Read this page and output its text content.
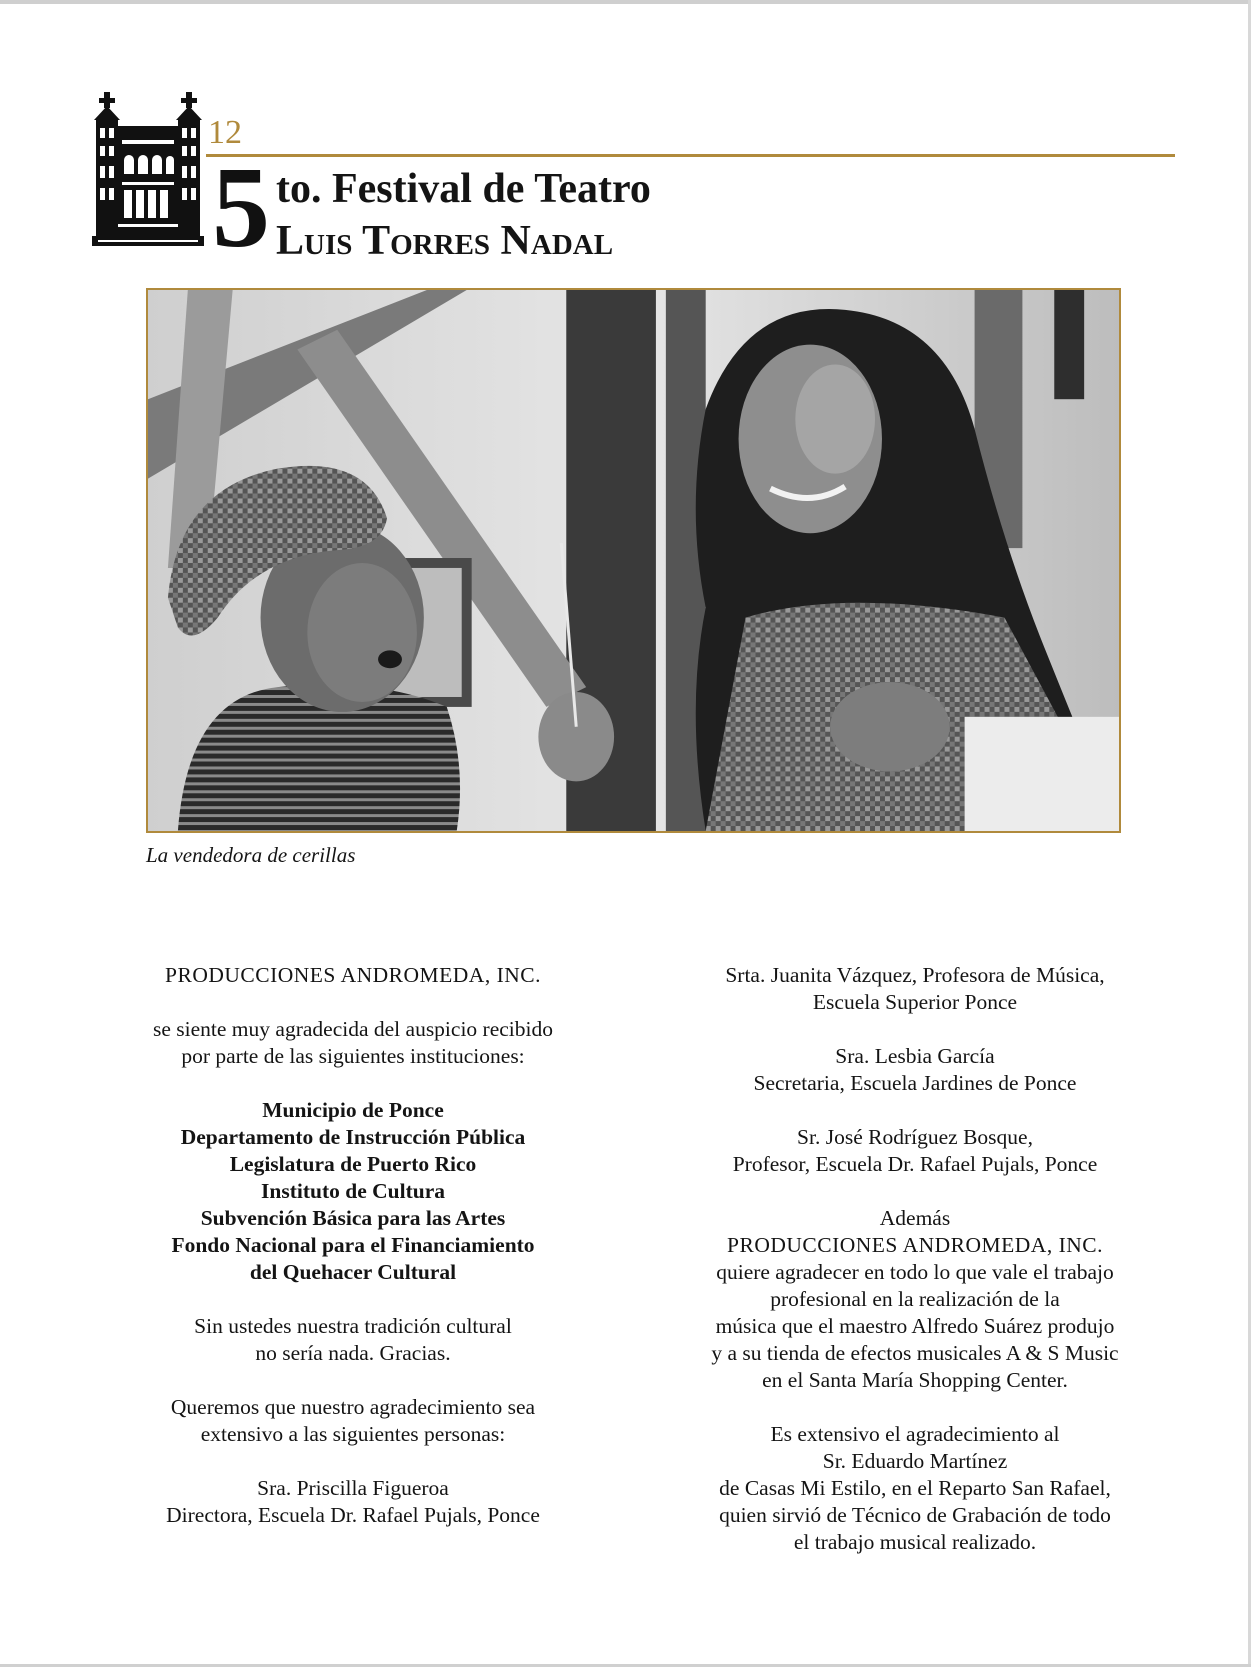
12
5 to. Festival de Teatro
Luis Torres Nadal
La vendedora de cerillas

PRODUCCIONES ANDROMEDA, INC.

se siente muy agradecida del auspicio recibido

por parte de las siguientes instituciones:

Municipio de Ponce

Departamento de Instrucción Pública

Legislatura de Puerto Rico

Instituto de Cultura

Subvención Básica para las Artes

Fondo Nacional para el Financiamiento

del Quehacer Cultural

Sin ustedes nuestra tradición cultural

no sería nada. Gracias.

Queremos que nuestro agradecimiento sea

extensivo a las siguientes personas:

Sra. Priscilla Figueroa

Directora, Escuela Dr. Rafael Pujals, Ponce

Srta. Juanita Vázquez, Profesora de Música,

Escuela Superior Ponce

Sra. Lesbia García

Secretaria, Escuela Jardines de Ponce

Sr. José Rodríguez Bosque,

Profesor, Escuela Dr. Rafael Pujals, Ponce

Además

PRODUCCIONES ANDROMEDA, INC.

quiere agradecer en todo lo que vale el trabajo

profesional en la realización de la

música que el maestro Alfredo Suárez produjo

y a su tienda de efectos musicales A & S Music

en el Santa María Shopping Center.

Es extensivo el agradecimiento al

Sr. Eduardo Martínez

de Casas Mi Estilo, en el Reparto San Rafael,

quien sirvió de Técnico de Grabación de todo

el trabajo musical realizado.
